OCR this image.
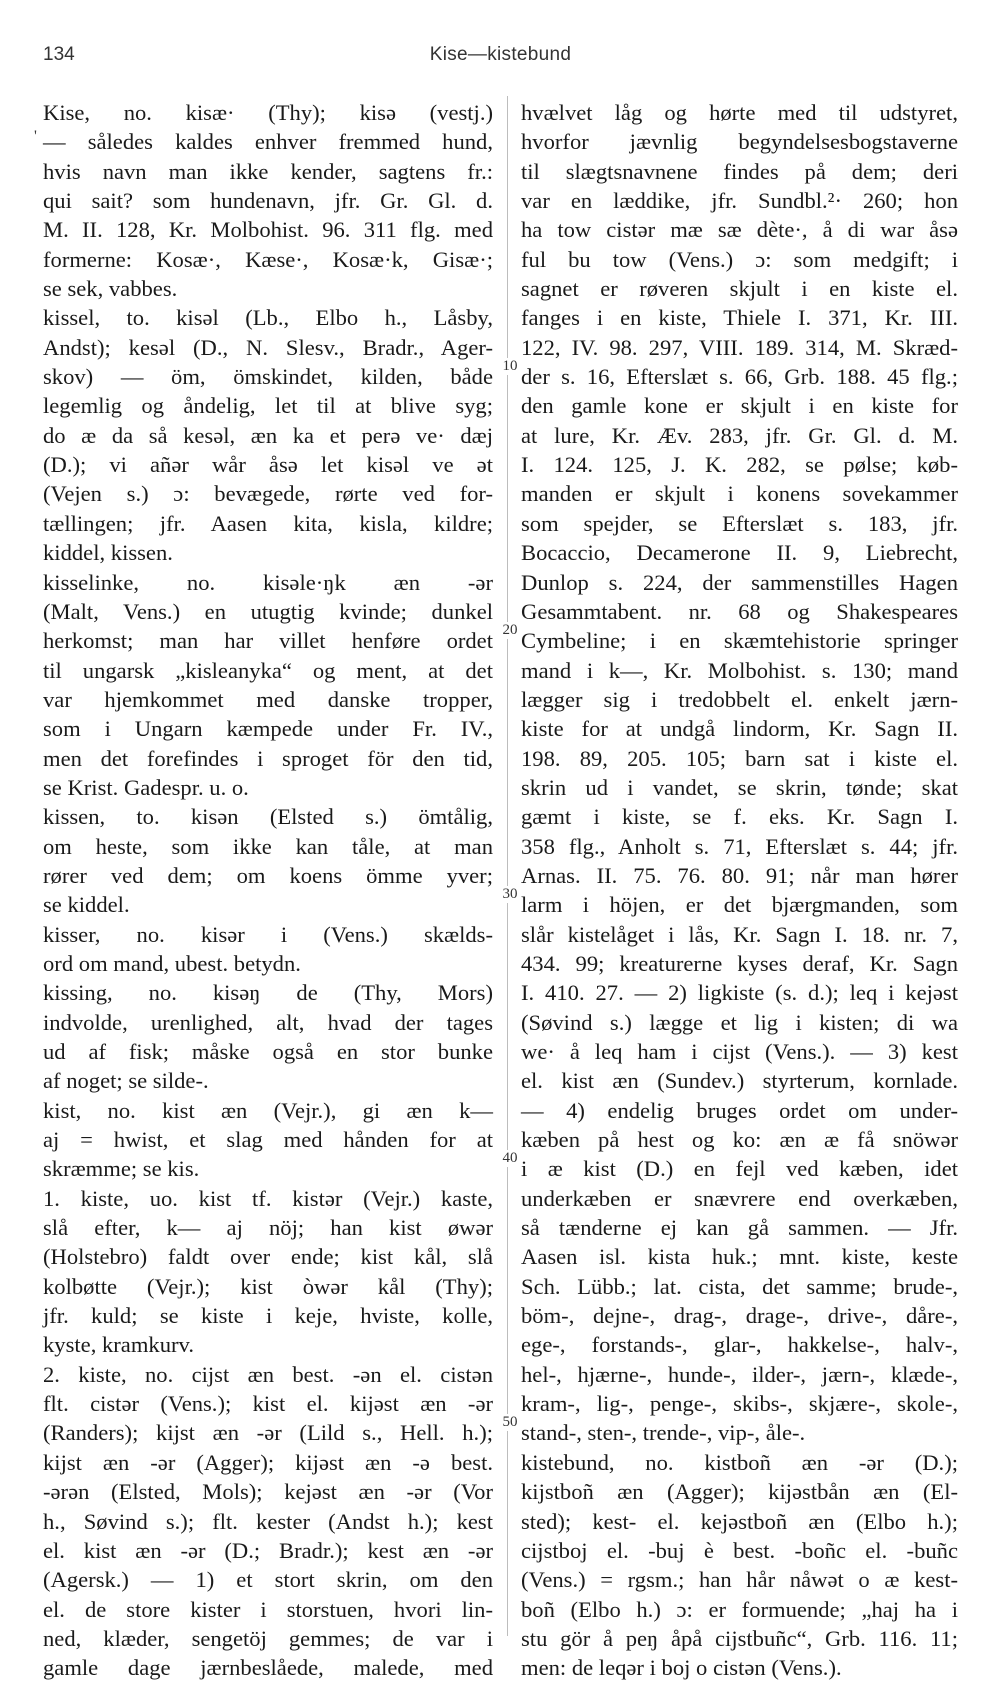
134	Kise—kistebund
'
Kise, no. kisæ· (Thy); kisə (vestj.)
— således kaldes enhver fremmed hund,
hvis navn man ikke kender, sagtens fr.:
qui sait? som hundenavn, jfr. Gr. Gl. d.
M. II. 128, Kr. Molbohist. 96. 311 flg. med
formerne: Kosæ·, Kæse·, Kosæ·k, Gisæ·;
se sek, vabbes.
kissel, to. kisəl (Lb., Elbo h., Låsby,
Andst); kesəl (D., N. Slesv., Bradr., Ager-
skov) — öm, ömskindet, kilden, både
legemlig og åndelig, let til at blive syg;
do æ da så kesəl, æn ka et perə ve· dæj
(D.); vi añər wår åsə let kisəl ve ət
(Vejen s.) ɔ: bevægede, rørte ved for-
tællingen; jfr. Aasen kita, kisla, kildre;
kiddel, kissen.
kisselinke, no. kisəle·ŋk æn -ər
(Malt, Vens.) en utugtig kvinde; dunkel
herkomst; man har villet henføre ordet
til ungarsk „kisleanyka“ og ment, at det
var hjemkommet med danske tropper,
som i Ungarn kæmpede under Fr. IV.,
men det forefindes i sproget för den tid,
se Krist. Gadespr. u. o.
kissen, to. kisən (Elsted s.) ömtålig,
om heste, som ikke kan tåle, at man
rører ved dem; om koens ömme yver;
se kiddel.
kisser, no. kisər i (Vens.) skælds-
ord om mand, ubest. betydn.
kissing, no. kisəŋ de (Thy, Mors)
indvolde, urenlighed, alt, hvad der tages
ud af fisk; måske også en stor bunke
af noget; se silde-.
kist, no. kist æn (Vejr.), gi æn k—
aj = hwist, et slag med hånden for at
skræmme; se kis.
1. kiste, uo. kist tf. kistər (Vejr.) kaste,
slå efter, k— aj nöj; han kist øwər
(Holstebro) faldt over ende; kist kål, slå
kolbøtte (Vejr.); kist òwər kål (Thy);
jfr. kuld; se kiste i keje, hviste, kolle,
kyste, kramkurv.
2. kiste, no. cijst æn best. -ən el. cistən
flt. cistər (Vens.); kist el. kijəst æn -ər
(Randers); kijst æn -ər (Lild s., Hell. h.);
kijst æn -ər (Agger); kijəst æn -ə best.
-ərən (Elsted, Mols); kejəst æn -ər (Vor
h., Søvind s.); flt. kester (Andst h.); kest
el. kist æn -ər (D.; Bradr.); kest æn -ər
(Agersk.) — 1) et stort skrin, om den
el. de store kister i storstuen, hvori lin-
ned, klæder, sengetöj gemmes; de var i
gamle dage jærnbeslåede, malede, med
hvælvet låg og hørte med til udstyret,
hvorfor jævnlig begyndelsesbogstaverne
til slægtsnavnene findes på dem; deri
var en læddike, jfr. Sundbl.²· 260; hon
ha tow cistər mæ sæ dète·, å di war åsə
ful bu tow (Vens.) ɔ: som medgift; i
sagnet er røveren skjult i en kiste el.
fanges i en kiste, Thiele I. 371, Kr. III.
122, IV. 98. 297, VIII. 189. 314, M. Skræd-
der s. 16, Efterslæt s. 66, Grb. 188. 45 flg.;
den gamle kone er skjult i en kiste for
at lure, Kr. Æv. 283, jfr. Gr. Gl. d. M.
I. 124. 125, J. K. 282, se pølse; køb-
manden er skjult i konens sovekammer
som spejder, se Efterslæt s. 183, jfr.
Bocaccio, Decamerone II. 9, Liebrecht,
Dunlop s. 224, der sammenstilles Hagen
Gesammtabent. nr. 68 og Shakespeares
Cymbeline; i en skæmtehistorie springer
mand i k—, Kr. Molbohist. s. 130; mand
lægger sig i tredobbelt el. enkelt jærn-
kiste for at undgå lindorm, Kr. Sagn II.
198. 89, 205. 105; barn sat i kiste el.
skrin ud i vandet, se skrin, tønde; skat
gæmt i kiste, se f. eks. Kr. Sagn I.
358 flg., Anholt s. 71, Efterslæt s. 44; jfr.
Arnas. II. 75. 76. 80. 91; når man hører
larm i höjen, er det bjærgmanden, som
slår kistelåget i lås, Kr. Sagn I. 18. nr. 7,
434. 99; kreaturerne kyses deraf, Kr. Sagn
I. 410. 27. — 2) ligkiste (s. d.); leq i kejəst
(Søvind s.) lægge et lig i kisten; di wa
we· å leq ham i cijst (Vens.). — 3) kest
el. kist æn (Sundev.) styrterum, kornlade.
— 4) endelig bruges ordet om under-
kæben på hest og ko: æn æ få snöwər
i æ kist (D.) en fejl ved kæben, idet
underkæben er snævrere end overkæben,
så tænderne ej kan gå sammen. — Jfr.
Aasen isl. kista huk.; mnt. kiste, keste
Sch. Lübb.; lat. cista, det samme; brude-,
böm-, dejne-, drag-, drage-, drive-, dåre-,
ege-, forstands-, glar-, hakkelse-, halv-,
hel-, hjærne-, hunde-, ilder-, jærn-, klæde-,
kram-, lig-, penge-, skibs-, skjære-, skole-,
stand-, sten-, trende-, vip-, åle-.
kistebund, no. kistboñ æn -ər (D.);
kijstboñ æn (Agger); kijəstbån æn (El-
sted); kest- el. kejəstboñ æn (Elbo h.);
cijstboj el. -buj è best. -boñc el. -buñc
(Vens.) = rgsm.; han hår nåwət o æ kest-
boñ (Elbo h.) ɔ: er formuende; „haj ha i
stu gör å peŋ åpå cijstbuñc“, Grb. 116. 11;
men: de leqər i boj o cistən (Vens.).
10
20
30
40
50
